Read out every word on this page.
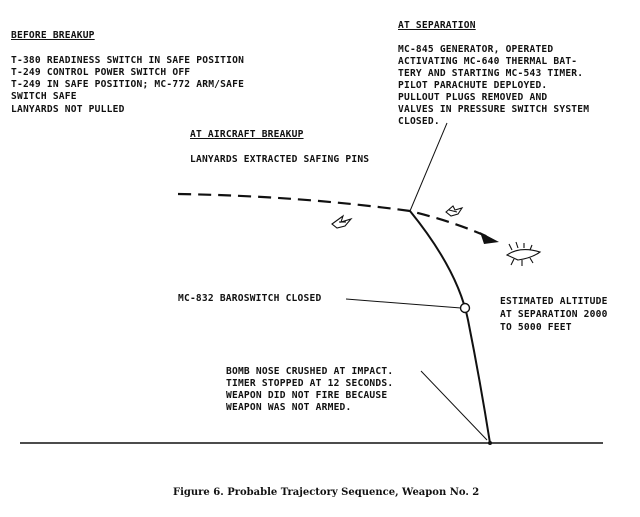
BEFORE BREAKUP
T-380 READINESS SWITCH IN SAFE POSITION
T-249 CONTROL POWER SWITCH OFF
T-249 IN SAFE POSITION; MC-772 ARM/SAFE
SWITCH SAFE
LANYARDS NOT PULLED
AT AIRCRAFT BREAKUP
LANYARDS EXTRACTED SAFING PINS
AT SEPARATION
MC-845 GENERATOR, OPERATED
ACTIVATING MC-640 THERMAL BAT-
TERY AND STARTING MC-543 TIMER.
PILOT PARACHUTE DEPLOYED.
PULLOUT PLUGS REMOVED AND
VALVES IN PRESSURE SWITCH SYSTEM
CLOSED.
MC-832 BAROSWITCH CLOSED	ESTIMATED ALTITUDE
AT SEPARATION 2000
TO 5000 FEET
BOMB NOSE CRUSHED AT IMPACT.
TIMER STOPPED AT 12 SECONDS.
WEAPON DID NOT FIRE BECAUSE
WEAPON WAS NOT ARMED.
Figure 6. Probable Trajectory Sequence, Weapon No. 2
